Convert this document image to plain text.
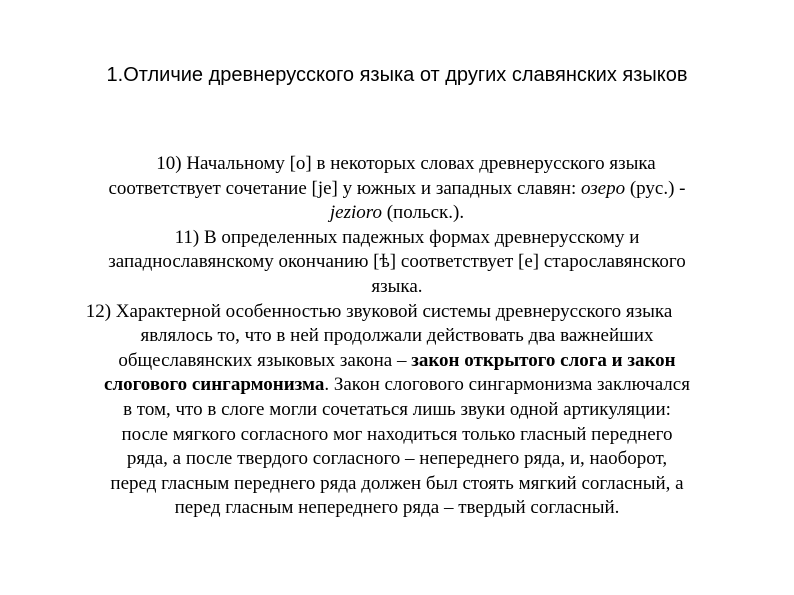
1.Отличие древнерусского языка от других славянских языков
10) Начальному [о] в некоторых словах древнерусского языка
соответствует сочетание [je] у южных и западных славян: озеро (рус.) -
jezioro (польск.).
11) В определенных падежных формах древнерусскому и
западнославянскому окончанию [ѣ] соответствует [е] старославянского
языка.
12) Характерной особенностью звуковой системы древнерусского языка
являлось то, что в ней продолжали действовать два важнейших
общеславянских языковых закона – закон открытого слога и закон
слогового сингармонизма. Закон слогового сингармонизма заключался
в том, что в слоге могли сочетаться лишь звуки одной артикуляции:
после мягкого согласного мог находиться только гласный переднего
ряда, а после твердого согласного – непереднего ряда, и, наоборот,
перед гласным переднего ряда должен был стоять мягкий согласный, а
перед гласным непереднего ряда – твердый согласный.
